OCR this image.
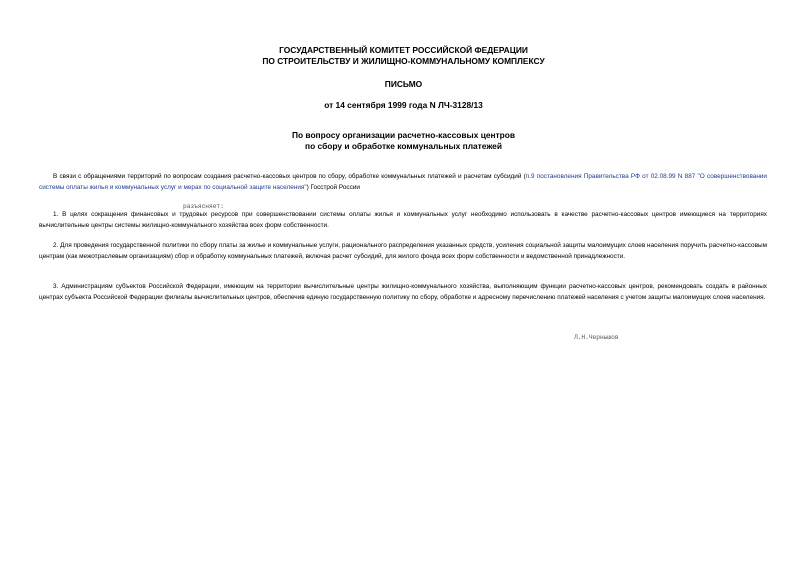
ГОСУДАРСТВЕННЫЙ КОМИТЕТ РОССИЙСКОЙ ФЕДЕРАЦИИ
ПО СТРОИТЕЛЬСТВУ И ЖИЛИЩНО-КОММУНАЛЬНОМУ КОМПЛЕКСУ
ПИСЬМО
от 14 сентября 1999 года N ЛЧ-3128/13
По вопросу организации расчетно-кассовых центров
по сбору и обработке коммунальных платежей

В связи с обращениями территорий по вопросам создания расчетно-кассовых центров по сбору, обработке коммунальных платежей и расчетам субсидий (п.9 постановления Правительства РФ от 02.08.99 N 887 "О совершенствовании системы оплаты жилья и коммунальных услуг и мерах по социальной защите населения") Госстрой России

разъясняет:

1. В целях сокращения финансовых и трудовых ресурсов при совершенствовании системы оплаты жилья и коммунальных услуг необходимо использовать в качестве расчетно-кассовых центров имеющиеся на территориях вычислительные центры системы жилищно-коммунального хозяйства всех форм собственности.

2. Для проведения государственной политики по сбору платы за жилье и коммунальные услуги, рационального распределения указанных средств, усиления социальной защиты малоимущих слоев населения поручить расчетно-кассовым центрам (как межотраслевым организациям) сбор и обработку коммунальных платежей, включая расчет субсидий, для жилого фонда всех форм собственности и ведомственной принадлежности.

3. Администрациям субъектов Российской Федерации, имеющим на территории вычислительные центры жилищно-коммунального хозяйства, выполняющим функции расчетно-кассовых центров, рекомендовать создать в районных центрах субъекта Российской Федерации филиалы вычислительных центров, обеспечив единую государственную политику по сбору, обработке и адресному перечислению платежей населения с учетом защиты малоимущих слоев населения.

Л.Н.Чернышов
